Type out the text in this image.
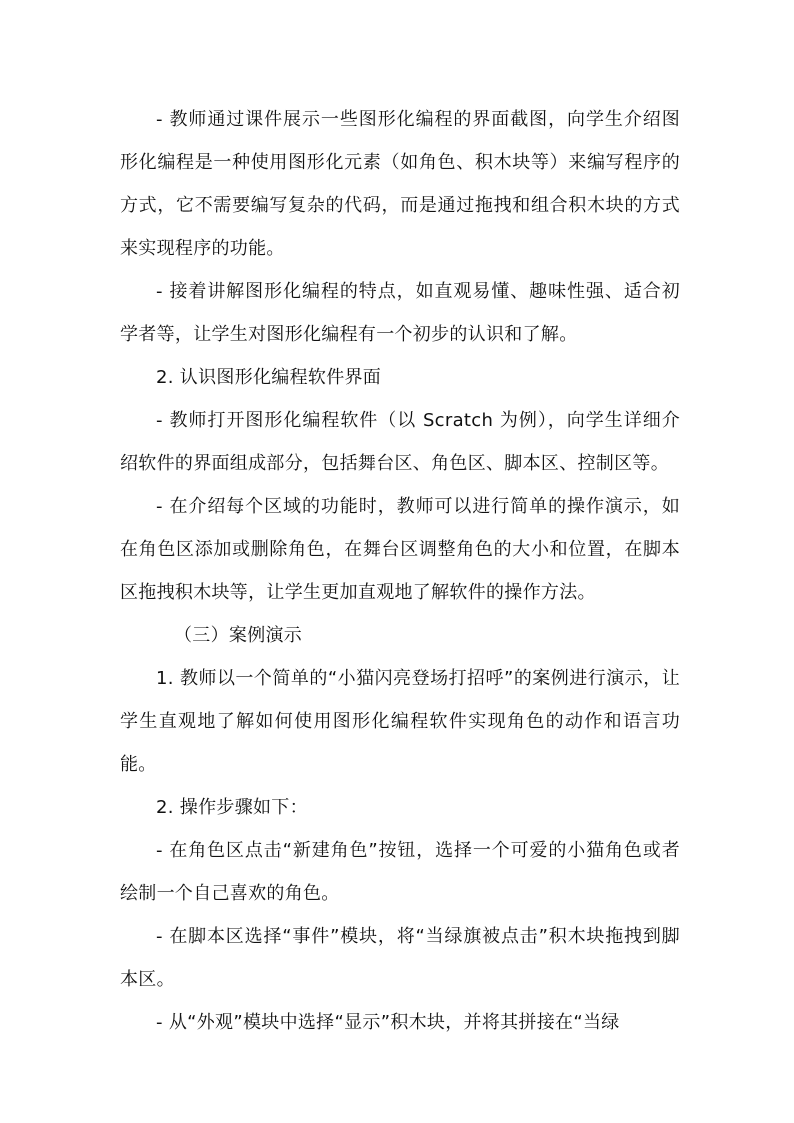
- 教师通过课件展示一些图形化编程的界面截图，向学生介绍图形化编程是一种使用图形化元素（如角色、积木块等）来编写程序的方式，它不需要编写复杂的代码，而是通过拖拽和组合积木块的方式来实现程序的功能。

- 接着讲解图形化编程的特点，如直观易懂、趣味性强、适合初学者等，让学生对图形化编程有一个初步的认识和了解。

2. 认识图形化编程软件界面

- 教师打开图形化编程软件（以 Scratch 为例），向学生详细介绍软件的界面组成部分，包括舞台区、角色区、脚本区、控制区等。

- 在介绍每个区域的功能时，教师可以进行简单的操作演示，如在角色区添加或删除角色，在舞台区调整角色的大小和位置，在脚本区拖拽积木块等，让学生更加直观地了解软件的操作方法。

（三）案例演示

1. 教师以一个简单的“小猫闪亮登场打招呼”的案例进行演示，让学生直观地了解如何使用图形化编程软件实现角色的动作和语言功能。

2. 操作步骤如下：

- 在角色区点击“新建角色”按钮，选择一个可爱的小猫角色或者绘制一个自己喜欢的角色。

- 在脚本区选择“事件”模块，将“当绿旗被点击”积木块拖拽到脚本区。

- 从“外观”模块中选择“显示”积木块，并将其拼接在“当绿
